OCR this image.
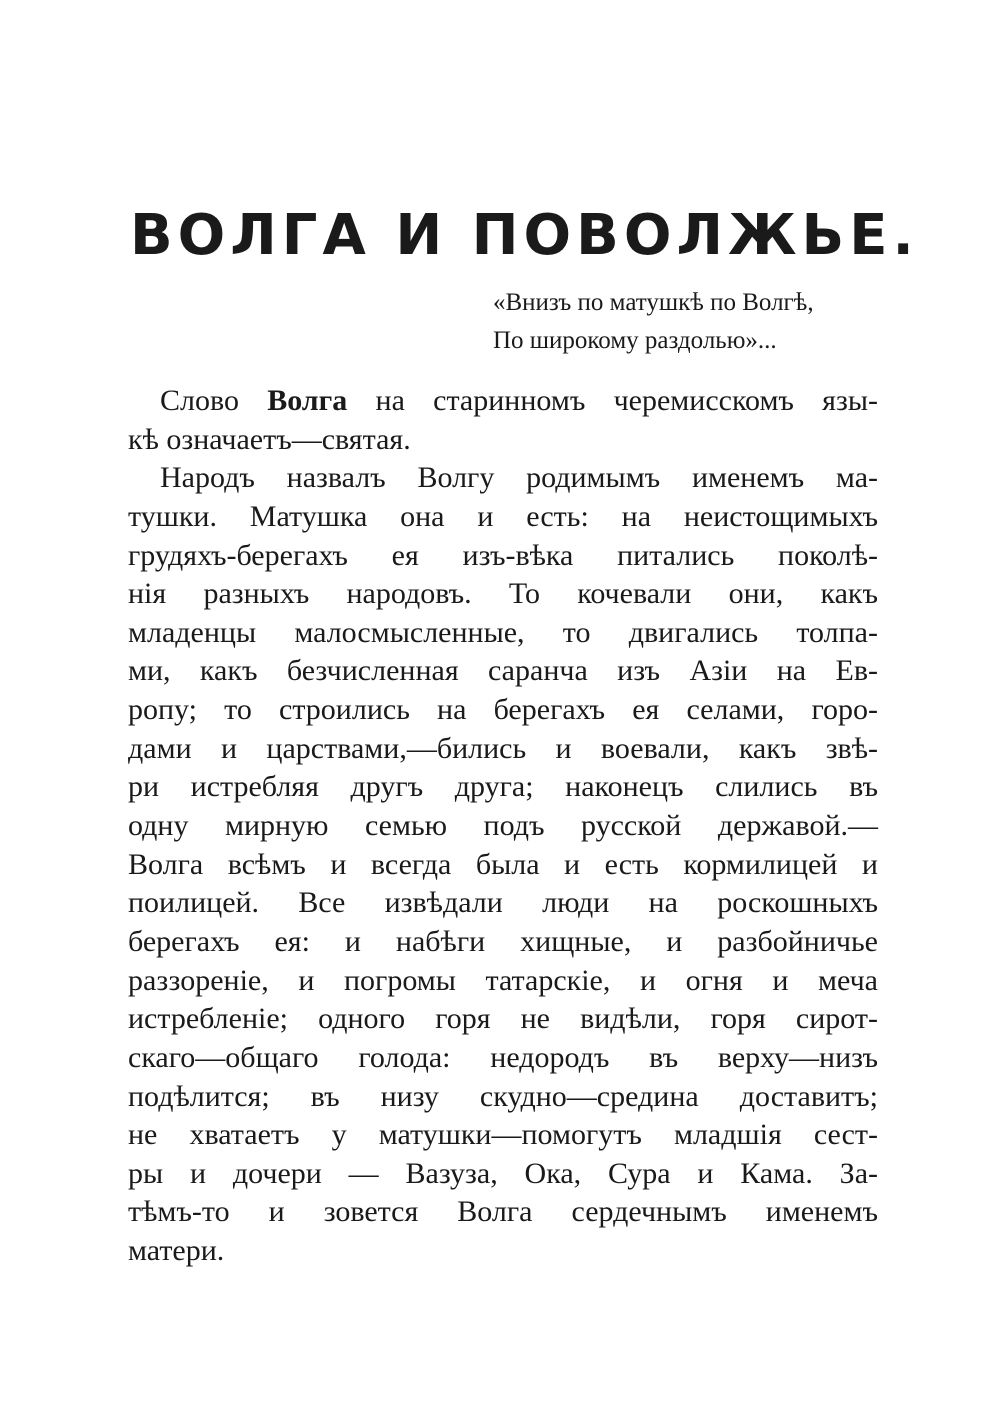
ВОЛГА И ПОВОЛЖЬЕ.
«Внизъ по матушкѣ по Волгѣ,
По широкому раздолью»...
Слово Волга на старинномъ черемисскомъ язы-
кѣ означаетъ—святая.
Народъ назвалъ Волгу родимымъ именемъ ма-
тушки. Матушка она и есть: на неистощимыхъ
грудяхъ-берегахъ ея изъ-вѣка питались поколѣ-
нія разныхъ народовъ. То кочевали они, какъ
младенцы малосмысленные, то двигались толпа-
ми, какъ безчисленная саранча изъ Азіи на Ев-
ропу; то строились на берегахъ ея селами, горо-
дами и царствами,—бились и воевали, какъ звѣ-
ри истребляя другъ друга; наконецъ слились въ
одну мирную семью подъ русской державой.—
Волга всѣмъ и всегда была и есть кормилицей и
поилицей. Все извѣдали люди на роскошныхъ
берегахъ ея: и набѣги хищные, и разбойничье
раззореніе, и погромы татарскіе, и огня и меча
истребленіе; одного горя не видѣли, горя сирот-
скаго—общаго голода: недородъ въ верху—низъ
подѣлится; въ низу скудно—средина доставитъ;
не хватаетъ у матушки—помогутъ младшія сест-
ры и дочери — Вазуза, Ока, Сура и Кама. За-
тѣмъ-то и зовется Волга сердечнымъ именемъ
матери.
